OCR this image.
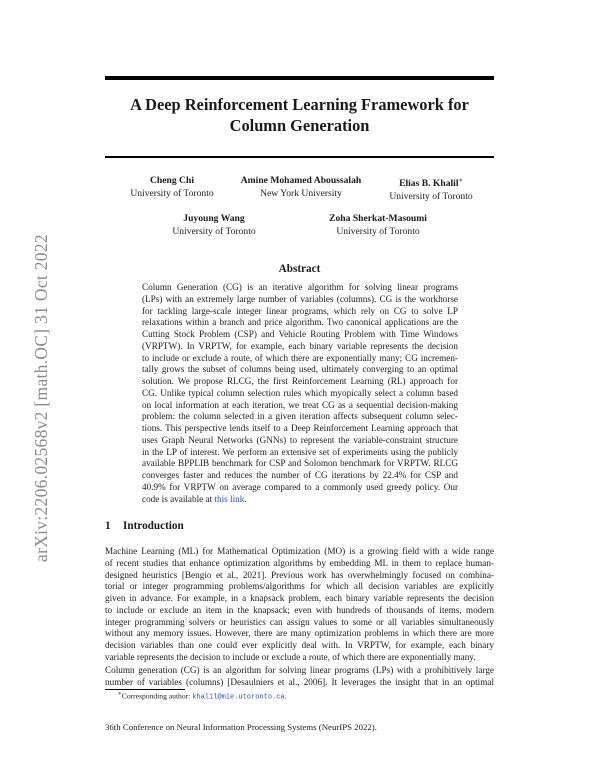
arXiv:2206.02568v2 [math.OC] 31 Oct 2022
A Deep Reinforcement Learning Framework for
Column Generation
Cheng Chi
University of Toronto
Amine Mohamed Aboussalah
New York University
Elias B. Khalil∗
University of Toronto
Juyoung Wang
University of Toronto
Zoha Sherkat-Masoumi
University of Toronto
Abstract
Column Generation (CG) is an iterative algorithm for solving linear programs
(LPs) with an extremely large number of variables (columns). CG is the workhorse
for tackling large-scale integer linear programs, which rely on CG to solve LP
relaxations within a branch and price algorithm. Two canonical applications are the
Cutting Stock Problem (CSP) and Vehicle Routing Problem with Time Windows
(VRPTW). In VRPTW, for example, each binary variable represents the decision
to include or exclude a route, of which there are exponentially many; CG incremen-
tally grows the subset of columns being used, ultimately converging to an optimal
solution. We propose RLCG, the first Reinforcement Learning (RL) approach for
CG. Unlike typical column selection rules which myopically select a column based
on local information at each iteration, we treat CG as a sequential decision-making
problem: the column selected in a given iteration affects subsequent column selec-
tions. This perspective lends itself to a Deep Reinforcement Learning approach that
uses Graph Neural Networks (GNNs) to represent the variable-constraint structure
in the LP of interest. We perform an extensive set of experiments using the publicly
available BPPLIB benchmark for CSP and Solomon benchmark for VRPTW. RLCG
converges faster and reduces the number of CG iterations by 22.4% for CSP and
40.9% for VRPTW on average compared to a commonly used greedy policy. Our
code is available at this link.
1 Introduction
Machine Learning (ML) for Mathematical Optimization (MO) is a growing field with a wide range
of recent studies that enhance optimization algorithms by embedding ML in them to replace human-
designed heuristics [Bengio et al., 2021]. Previous work has overwhelmingly focused on combina-
torial or integer programming problems/algorithms for which all decision variables are explicitly
given in advance. For example, in a knapsack problem, each binary variable represents the decision
to include or exclude an item in the knapsack; even with hundreds of thousands of items, modern
integer programming solvers or heuristics can assign values to some or all variables simultaneously
without any memory issues. However, there are many optimization problems in which there are more
decision variables than one could ever explicitly deal with. In VRPTW, for example, each binary
variable represents the decision to include or exclude a route, of which there are exponentially many.
Column generation (CG) is an algorithm for solving linear programs (LPs) with a prohibitively large
number of variables (columns) [Desaulniers et al., 2006]. It leverages the insight that in an optimal
∗Corresponding author: khalil@mie.utoronto.ca.
36th Conference on Neural Information Processing Systems (NeurIPS 2022).
